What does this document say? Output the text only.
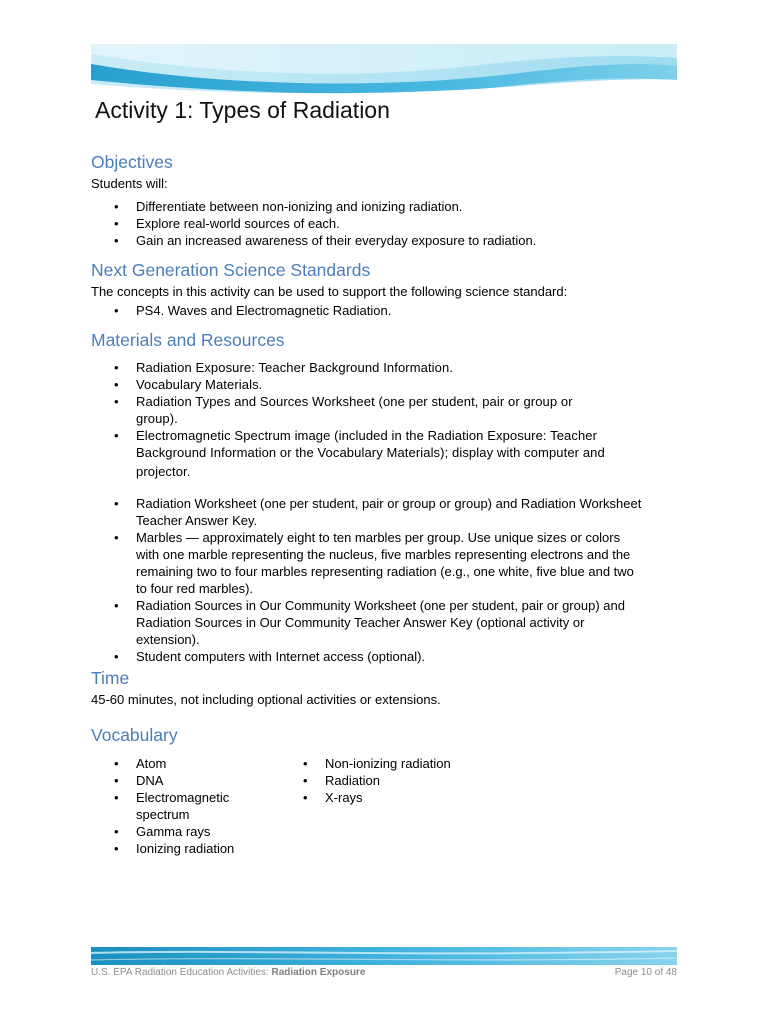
Activity 1: Types of Radiation
Objectives
Students will:
• Differentiate between non-ionizing and ionizing radiation.
• Explore real-world sources of each.
• Gain an increased awareness of their everyday exposure to radiation.
Next Generation Science Standards
The concepts in this activity can be used to support the following science standard:
• PS4. Waves and Electromagnetic Radiation.
Materials and Resources
• Radiation Exposure: Teacher Background Information.
• Vocabulary Materials.
• Radiation Types and Sources Worksheet (one per student, pair or group or
group).
• Electromagnetic Spectrum image (included in the Radiation Exposure: Teacher
Background Information or the Vocabulary Materials); display with computer and
projector.
• Radiation Worksheet (one per student, pair or group or group) and Radiation Worksheet
Teacher Answer Key.
• Marbles — approximately eight to ten marbles per group. Use unique sizes or colors
with one marble representing the nucleus, five marbles representing electrons and the
remaining two to four marbles representing radiation (e.g., one white, five blue and two
to four red marbles).
• Radiation Sources in Our Community Worksheet (one per student, pair or group) and
Radiation Sources in Our Community Teacher Answer Key (optional activity or
extension).
• Student computers with Internet access (optional).
Time
45-60 minutes, not including optional activities or extensions.
Vocabulary
• Atom
• DNA
• Electromagnetic
spectrum
• Gamma rays
• Ionizing radiation
• Non-ionizing radiation
• Radiation
• X-rays
U.S. EPA Radiation Education Activities: Radiation Exposure	Page 10 of 48
